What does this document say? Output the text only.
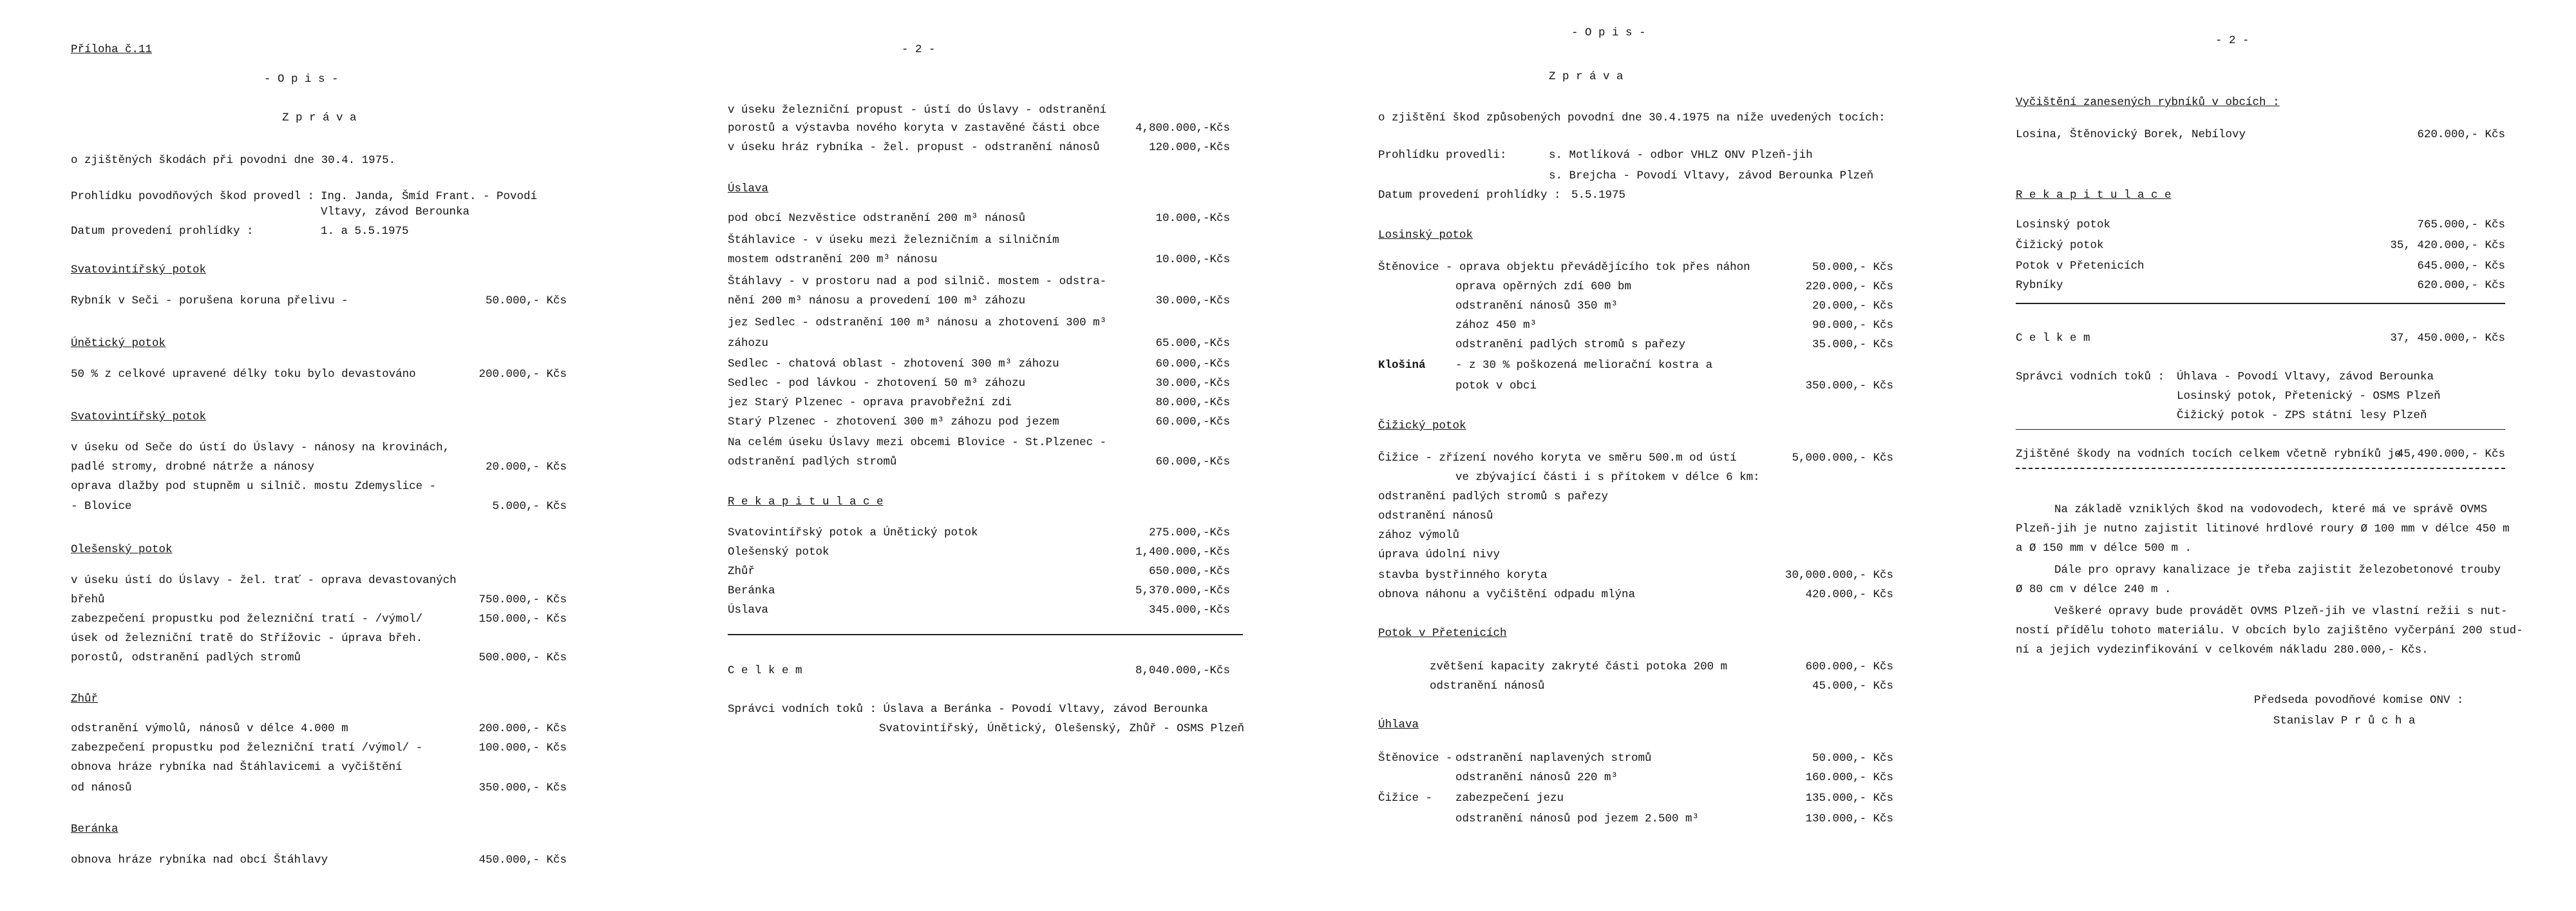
Příloha č.11
- O p i s -
Z p r á v a
o zjištěných škodách při povodni dne 30.4. 1975.
Prohlídku povodňových škod provedl : Ing. Janda, Šmíd Frant. - Povodí Vltavy, závod Berounka
Datum provedení prohlídky :	1. a 5.5.1975
Svatovintířský potok
Rybník v Seči - porušena koruna přelivu -	50.000,- Kčs
Únětický potok
50 % z celkové upravené délky toku bylo devastováno	200.000,- Kčs
Svatovintířský potok
v úseku od Seče do ústí do Úslavy - nánosy na krovinách,
padlé stromy, drobné nátrže a nánosy	20.000,- Kčs
oprava dlažby pod stupněm u silnič. mostu Zdemyslice -
- Blovice	5.000,- Kčs
Olešenský potok
v úseku ústí do Úslavy - žel. trať - oprava devastovaných
břehů	750.000,- Kčs
zabezpečení propustku pod železniční tratí - /výmol/	150.000,- Kčs
úsek od železniční tratě do Střížovic - úprava břeh.
porostů, odstranění padlých stromů	500.000,- Kčs
Zhůř
odstranění výmolů, nánosů v délce 4.000 m	200.000,- Kčs
zabezpečení propustku pod železniční tratí /výmol/ -	100.000,- Kčs
obnova hráze rybníka nad Štáhlavicemi a vyčištění
od nánosů	350.000,- Kčs
Beránka
obnova hráze rybníka nad obcí Štáhlavy	450.000,- Kčs
- 2 -
v úseku železniční propust - ústí do Úslavy - odstranění
porostů a výstavba nového koryta v zastavěné části obce	4,800.000,-Kčs
v úseku hráz rybníka - žel. propust - odstranění nánosů	120.000,-Kčs
Úslava
pod obcí Nezvěstice odstranění 200 m³ nánosů	10.000,-Kčs
Štáhlavice - v úseku mezi železničním a silničním
mostem odstranění 200 m³ nánosu	10.000,-Kčs
Štáhlavy - v prostoru nad a pod silnič. mostem - odstra-
nění 200 m³ nánosu a provedení 100 m³ záhozu	30.000,-Kčs
jez Sedlec - odstranění 100 m³ nánosu a zhotovení 300 m³
záhozu	65.000,-Kčs
Sedlec - chatová oblast - zhotovení 300 m³ záhozu	60.000,-Kčs
Sedlec - pod lávkou - zhotovení 50 m³ záhozu	30.000,-Kčs
jez Starý Plzenec - oprava pravobřežní zdi	80.000,-Kčs
Starý Plzenec - zhotovení 300 m³ záhozu pod jezem	60.000,-Kčs
Na celém úseku Úslavy mezi obcemi Blovice - St.Plzenec -
odstranění padlých stromů	60.000,-Kčs
R e k a p i t u l a c e
Svatovintířský potok a Únětický potok	275.000,-Kčs
Olešenský potok	1,400.000,-Kčs
Zhůř	650.000,-Kčs
Beránka	5,370.000,-Kčs
Úslava	345.000,-Kčs
C e l k e m	8,040.000,-Kčs
Správci vodních toků : Úslava a Beránka - Povodí Vltavy, závod Berounka
Svatovintířský, Únětický, Olešenský, Zhůř - OSMS Plzeň
- O p i s -
Z p r á v a
o zjištění škod způsobených povodní dne 30.4.1975 na níže uvedených tocích:
Prohlídku provedli:	s. Motlíková - odbor VHLZ ONV Plzeň-jih
s. Brejcha - Povodí Vltavy, závod Berounka Plzeň
Datum provedení prohlídky : 5.5.1975
Losinský potok
Štěnovice - oprava objektu převádějícího tok přes náhon	50.000,- Kčs
oprava opěrných zdí 600 bm	220.000,- Kčs
odstranění nánosů 350 m³	20.000,- Kčs
zához 450 m³	90.000,- Kčs
odstranění padlých stromů s pařezy	35.000,- Kčs
Klošiná	- z 30 % poškozená meliorační kostra a
potok v obci	350.000,- Kčs
Čižický potok
Čižice - zřízení nového koryta ve směru 500.m od ústí	5,000.000,- Kčs
ve zbývající části i s přítokem v délce 6 km:
odstranění padlých stromů s pařezy
odstranění nánosů
zához výmolů
úprava údolní nivy
stavba bystřinného koryta	30,000.000,- Kčs
obnova náhonu a vyčištění odpadu mlýna	420.000,- Kčs
Potok v Přetenicích
zvětšení kapacity zakryté části potoka 200 m	600.000,- Kčs
odstranění nánosů	45.000,- Kčs
Úhlava
Štěnovice - odstranění naplavených stromů	50.000,- Kčs
odstranění nánosů 220 m³	160.000,- Kčs
Čižice - zabezpečení jezu	135.000,- Kčs
odstranění nánosů pod jezem 2.500 m³	130.000,- Kčs
- 2 -
Vyčištění zanesených rybníků v obcích :
Losina, Štěnovický Borek, Nebílovy	620.000,- Kčs
R e k a p i t u l a c e
Losinský potok	765.000,- Kčs
Čižický potok	35, 420.000,- Kčs
Potok v Přetenicích	645.000,- Kčs
Rybníky	620.000,- Kčs
C e l k e m	37, 450.000,- Kčs
Správci vodních toků : Úhlava - Povodí Vltavy, závod Berounka
Losinský potok, Přetenický - OSMS Plzeň
Čižický potok - ZPS státní lesy Plzeň
Zjištěné škody na vodních tocích celkem včetně rybníků je
45,490.000,- Kčs
Na základě vzniklých škod na vodovodech, které má ve správě OVMS
Plzeň-jih je nutno zajistit litinové hrdlové roury Ø 100 mm v délce 450 m
a Ø 150 mm v délce 500 m .
Dále pro opravy kanalizace je třeba zajistit železobetonové trouby
Ø 80 cm v délce 240 m .
Veškeré opravy bude provádět OVMS Plzeň-jih ve vlastní režii s nut-
ností přídělu tohoto materiálu. V obcích bylo zajištěno vyčerpání 200 stud-
ní a jejich vydezinfikování v celkovém nákladu 280.000,- Kčs.
Předseda povodňové komise ONV :
Stanislav P r ů c h a
